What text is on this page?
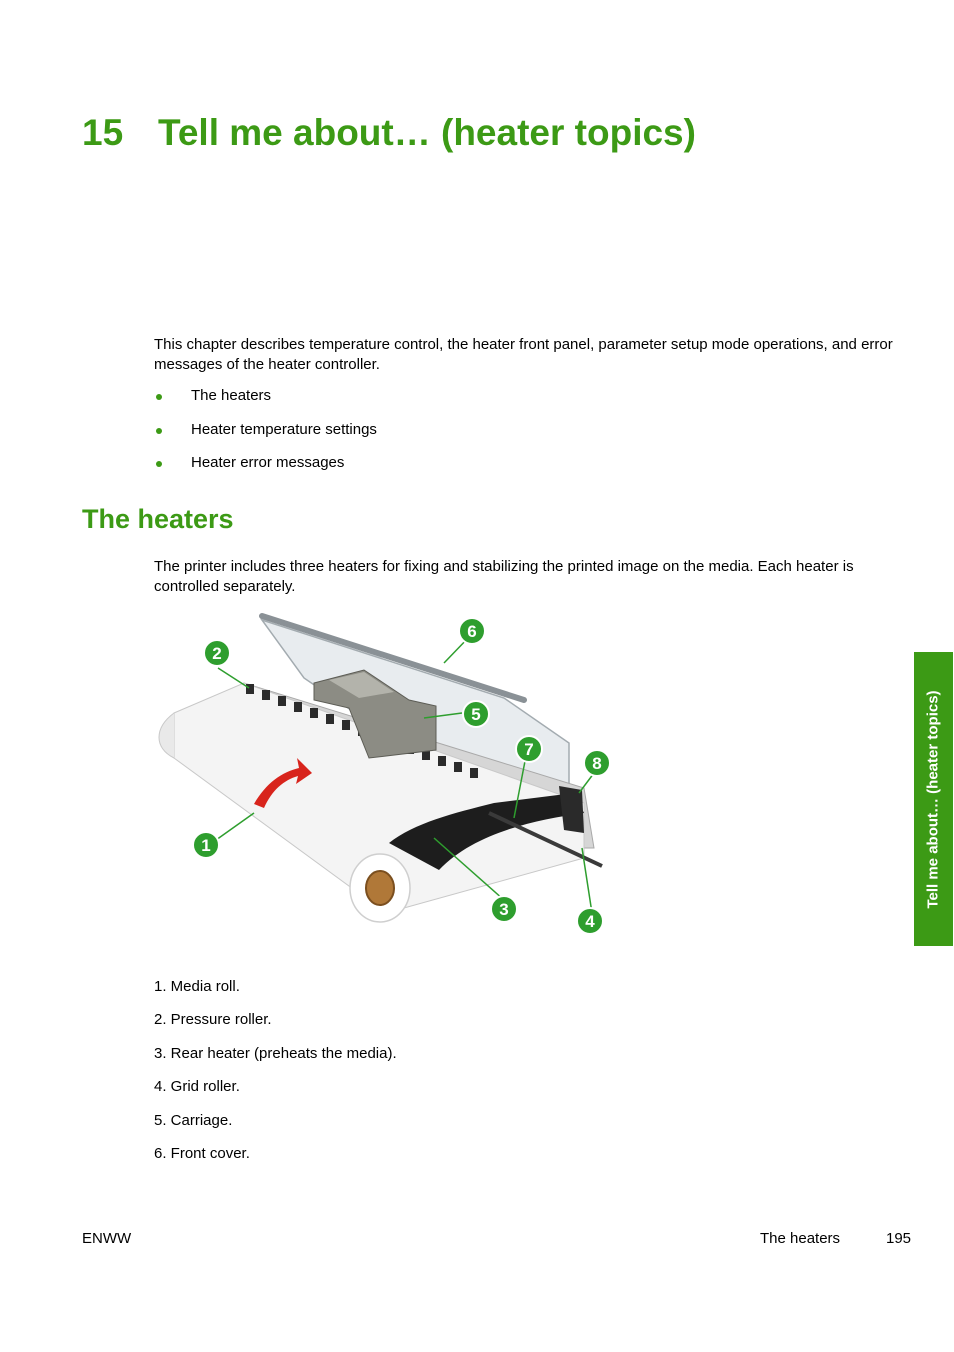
15 Tell me about… (heater topics)

This chapter describes temperature control, the heater front panel, parameter setup mode operations, and error messages of the heater controller.

The heaters
Heater temperature settings
Heater error messages
The heaters

The printer includes three heaters for fixing and stabilizing the printed image on the media. Each heater is controlled separately.

1
2
3
4
5
6
7
8
1. Media roll.
2. Pressure roller.
3. Rear heater (preheats the media).
4. Grid roller.
5. Carriage.
6. Front cover.
Tell me about… (heater topics)
ENWW	The heaters	195
